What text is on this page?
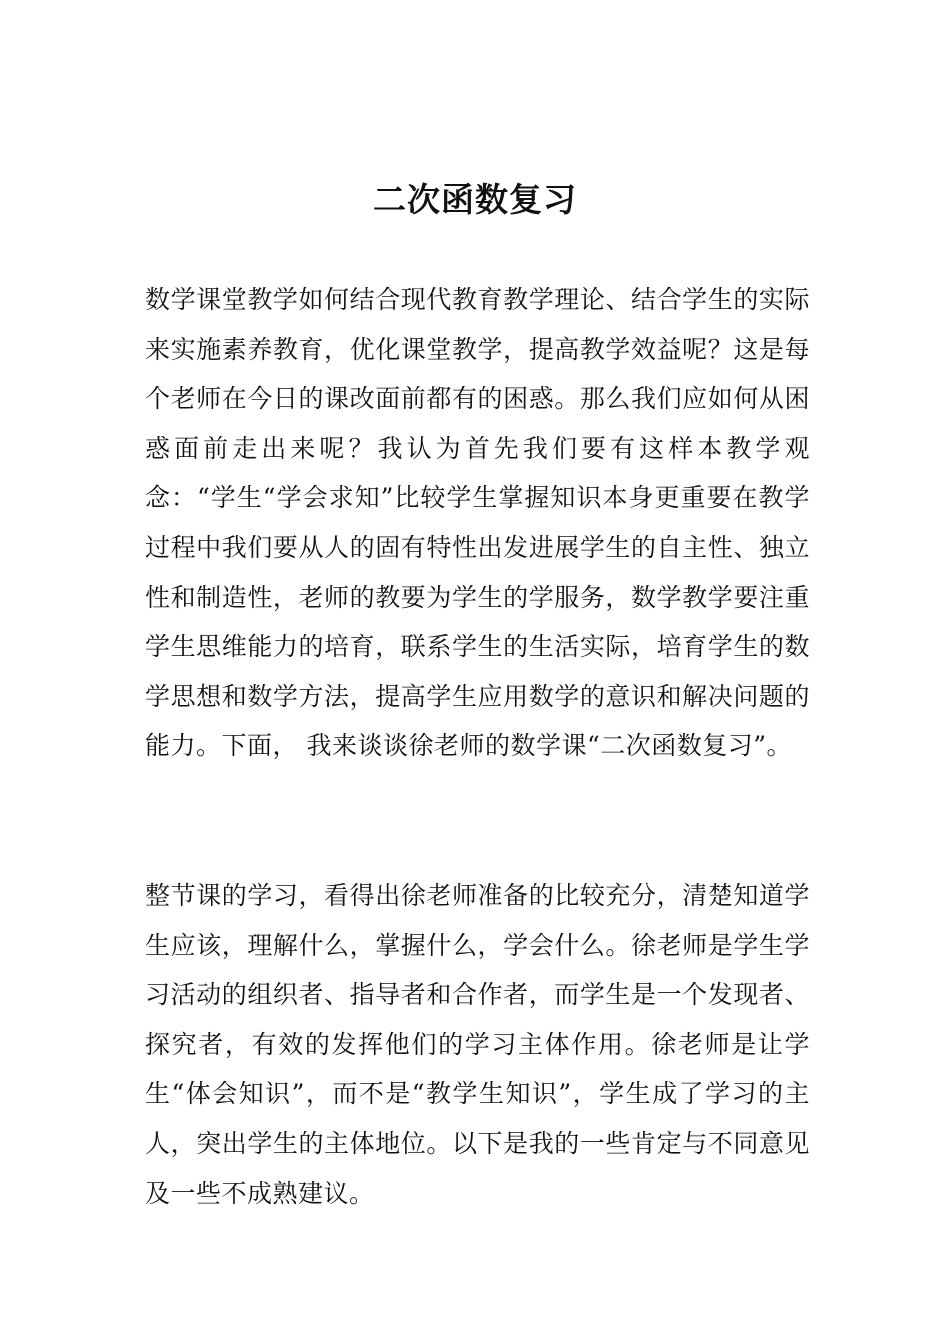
二次函数复习

数学课堂教学如何结合现代教育教学理论、结合学生的实际来实施素养教育，优化课堂教学，提高教学效益呢？这是每个老师在今日的课改面前都有的困惑。那么我们应如何从困惑面前走出来呢？我认为首先我们要有这样本教学观念：“学生“学会求知”比较学生掌握知识本身更重要在教学过程中我们要从人的固有特性出发进展学生的自主性、独立性和制造性，老师的教要为学生的学服务，数学教学要注重学生思维能力的培育，联系学生的生活实际，培育学生的数学思想和数学方法，提高学生应用数学的意识和解决问题的能力。下面， 我来谈谈徐老师的数学课“二次函数复习”。

整节课的学习，看得出徐老师准备的比较充分，清楚知道学生应该，理解什么，掌握什么，学会什么。徐老师是学生学习活动的组织者、指导者和合作者，而学生是一个发现者、探究者，有效的发挥他们的学习主体作用。徐老师是让学生“体会知识”，而不是“教学生知识”，学生成了学习的主人，突出学生的主体地位。以下是我的一些肯定与不同意见及一些不成熟建议。
